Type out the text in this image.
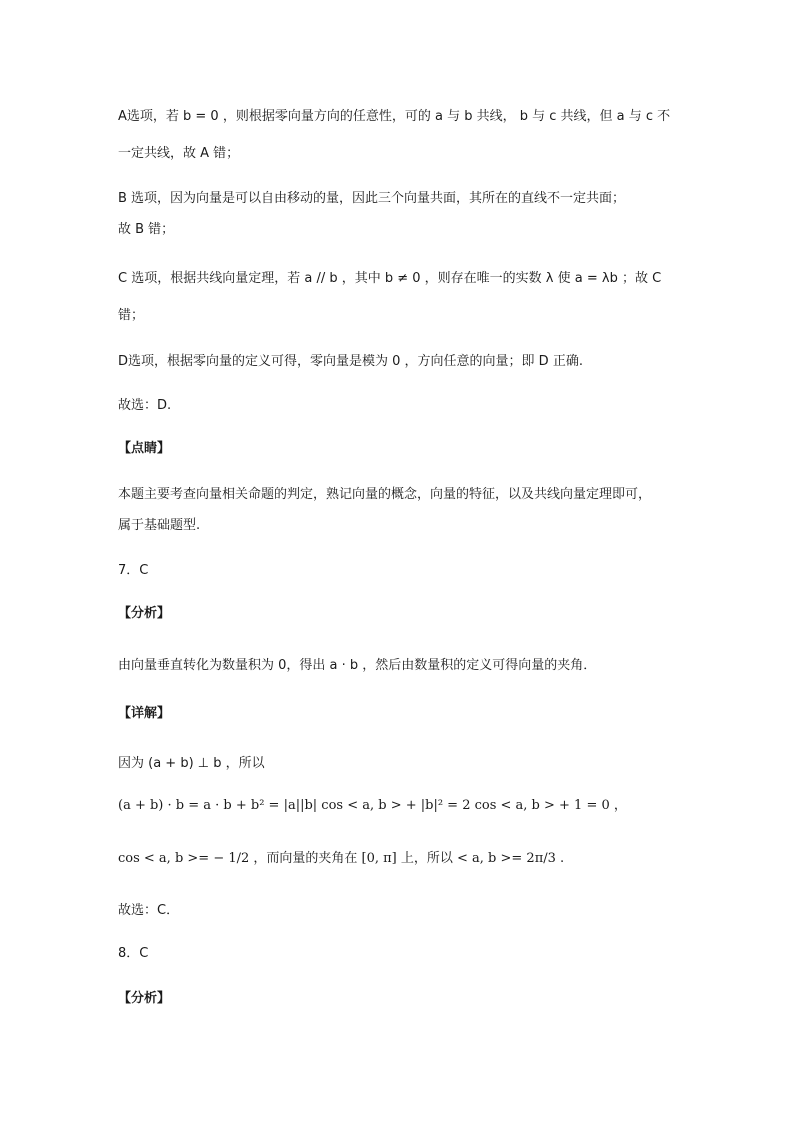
A选项，若 b = 0 ，则根据零向量方向的任意性，可的 a 与 b 共线， b 与 c 共线，但 a 与 c 不
一定共线，故 A 错；
B 选项，因为向量是可以自由移动的量，因此三个向量共面，其所在的直线不一定共面；
故 B 错；
C 选项，根据共线向量定理，若 a // b ，其中 b ≠ 0 ，则存在唯一的实数 λ 使 a = λb ；故 C
错；
D选项，根据零向量的定义可得，零向量是模为 0 ，方向任意的向量；即 D 正确.
故选：D.
【点睛】
本题主要考查向量相关命题的判定，熟记向量的概念，向量的特征，以及共线向量定理即可，
属于基础题型.
7．C
【分析】
由向量垂直转化为数量积为 0，得出 a · b ，然后由数量积的定义可得向量的夹角．
【详解】
因为 (a + b) ⊥ b ，所以
(a + b) · b = a · b + b² = |a||b| cos < a, b > + |b|² = 2 cos < a, b > + 1 = 0 ，
cos < a, b >= − 1/2 ，而向量的夹角在 [0, π] 上，所以 < a, b >= 2π/3 .
故选：C．
8．C
【分析】
